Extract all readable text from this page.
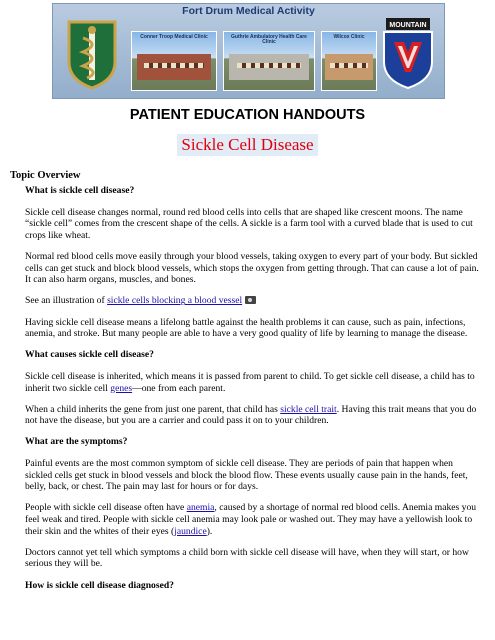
Fort Drum Medical Activity
Conner Troop Medical Clinic	Guthrie Ambulatory Health Care Clinic
Wilcox Clinic
MOUNTAIN
PATIENT EDUCATION HANDOUTS
Sickle Cell Disease
Topic Overview
What is sickle cell disease?

Sickle cell disease changes normal, round red blood cells into cells that are shaped like crescent moons. The name “sickle cell” comes from the crescent shape of the cells. A sickle is a farm tool with a curved blade that is used to cut crops like wheat.

Normal red blood cells move easily through your blood vessels, taking oxygen to every part of your body. But sickled cells can get stuck and block blood vessels, which stops the oxygen from getting through. That can cause a lot of pain. It can also harm organs, muscles, and bones.

See an illustration of sickle cells blocking a blood vessel

Having sickle cell disease means a lifelong battle against the health problems it can cause, such as pain, infections, anemia, and stroke. But many people are able to have a very good quality of life by learning to manage the disease.

What causes sickle cell disease?

Sickle cell disease is inherited, which means it is passed from parent to child. To get sickle cell disease, a child has to inherit two sickle cell genes—one from each parent.

When a child inherits the gene from just one parent, that child has sickle cell trait. Having this trait means that you do not have the disease, but you are a carrier and could pass it on to your children.

What are the symptoms?

Painful events are the most common symptom of sickle cell disease. They are periods of pain that happen when sickled cells get stuck in blood vessels and block the blood flow. These events usually cause pain in the hands, feet, belly, back, or chest. The pain may last for hours or for days.

People with sickle cell disease often have anemia, caused by a shortage of normal red blood cells. Anemia makes you feel weak and tired. People with sickle cell anemia may look pale or washed out. They may have a yellowish look to their skin and the whites of their eyes (jaundice).

Doctors cannot yet tell which symptoms a child born with sickle cell disease will have, when they will start, or how serious they will be.

How is sickle cell disease diagnosed?
